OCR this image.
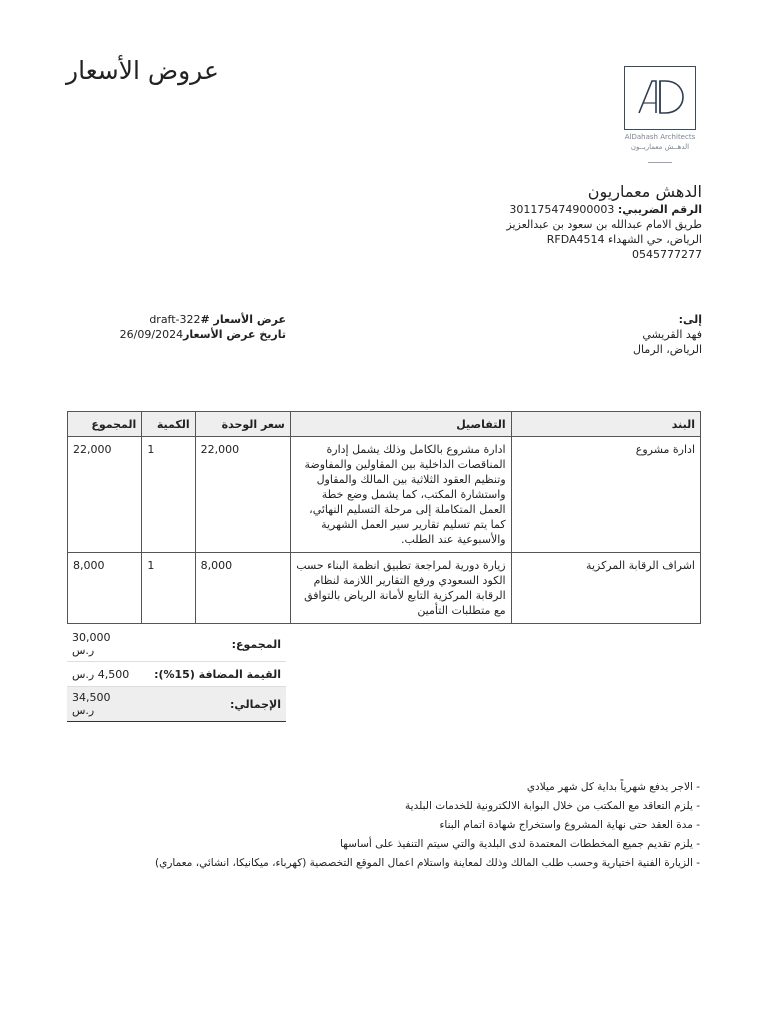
عروض الأسعار
AlDahash Architects
الدهــش معماريــون
الدهش معماريون
الرقم الضريبي: 301175474900003
طريق الامام عبدالله بن سعود بن عبدالعزيز
الرياض، حي الشهداء RFDA4514
0545777277
إلى:
فهد القريشي
الرياض، الرمال
عرض الأسعار #
draft-322
تاريخ عرض الأسعار
26/09/2024
البند	التفاصيل	سعر الوحدة	الكمية	المجموع
ادارة مشروع	ادارة مشروع بالكامل وذلك يشمل إدارة المناقصات الداخلية بين المقاولين والمفاوضة وتنظيم العقود الثلاثية بين المالك والمقاول واستشارة المكتب، كما يشمل وضع خطة العمل المتكاملة إلى مرحلة التسليم النهائي، كما يتم تسليم تقارير سير العمل الشهرية والأسبوعية عند الطلب.	22,000	1	22,000
اشراف الرقابة المركزية	زيارة دورية لمراجعة تطبيق انظمة البناء حسب الكود السعودي ورفع التقارير اللازمة لنظام الرقابة المركزية التابع لأمانة الرياض بالتوافق مع متطلبات التأمين	8,000	1	8,000
المجموع:	30,000 ر.س
القيمة المضافة (15%):	4,500 ر.س
الإجمالي:	34,500 ر.س
- الاجر يدفع شهرياً بداية كل شهر ميلادي
- يلزم التعاقد مع المكتب من خلال البوابة الالكترونية للخدمات البلدية
- مدة العقد حتى نهاية المشروع واستخراج شهادة اتمام البناء
- يلزم تقديم جميع المخططات المعتمدة لدى البلدية والتي سيتم التنفيذ على أساسها
- الزيارة الفنية اختيارية وحسب طلب المالك وذلك لمعاينة واستلام اعمال الموقع التخصصية (كهرباء، ميكانيكا، انشائي، معماري)
